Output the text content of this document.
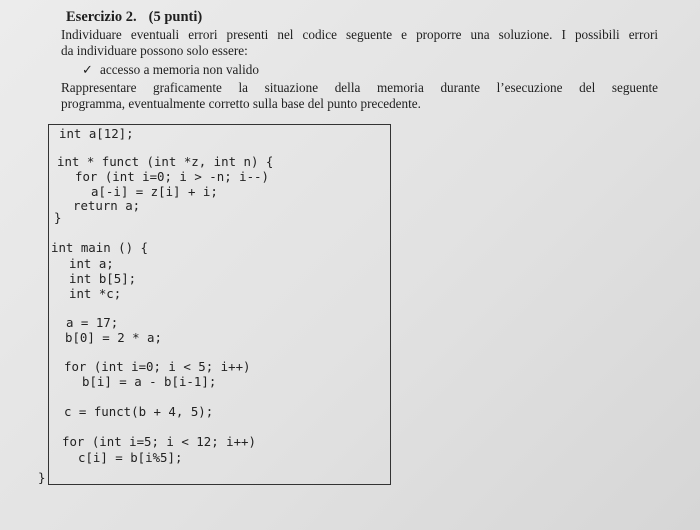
Esercizio 2. (5 punti)
Individuare eventuali errori presenti nel codice seguente e proporre una soluzione. I possibili errori
da individuare possono solo essere:
✓ accesso a memoria non valido
Rappresentare graficamente la situazione della memoria durante l’esecuzione del seguente
programma, eventualmente corretto sulla base del punto precedente.
int a[12];
int * funct (int *z, int n) {
for (int i=0; i > -n; i--)
a[-i] = z[i] + i;
return a;
}
int main () {
int a;
int b[5];
int *c;
a = 17;
b[0] = 2 * a;
for (int i=0; i < 5; i++)
b[i] = a - b[i-1];
c = funct(b + 4, 5);
for (int i=5; i < 12; i++)
c[i] = b[i%5];
}
